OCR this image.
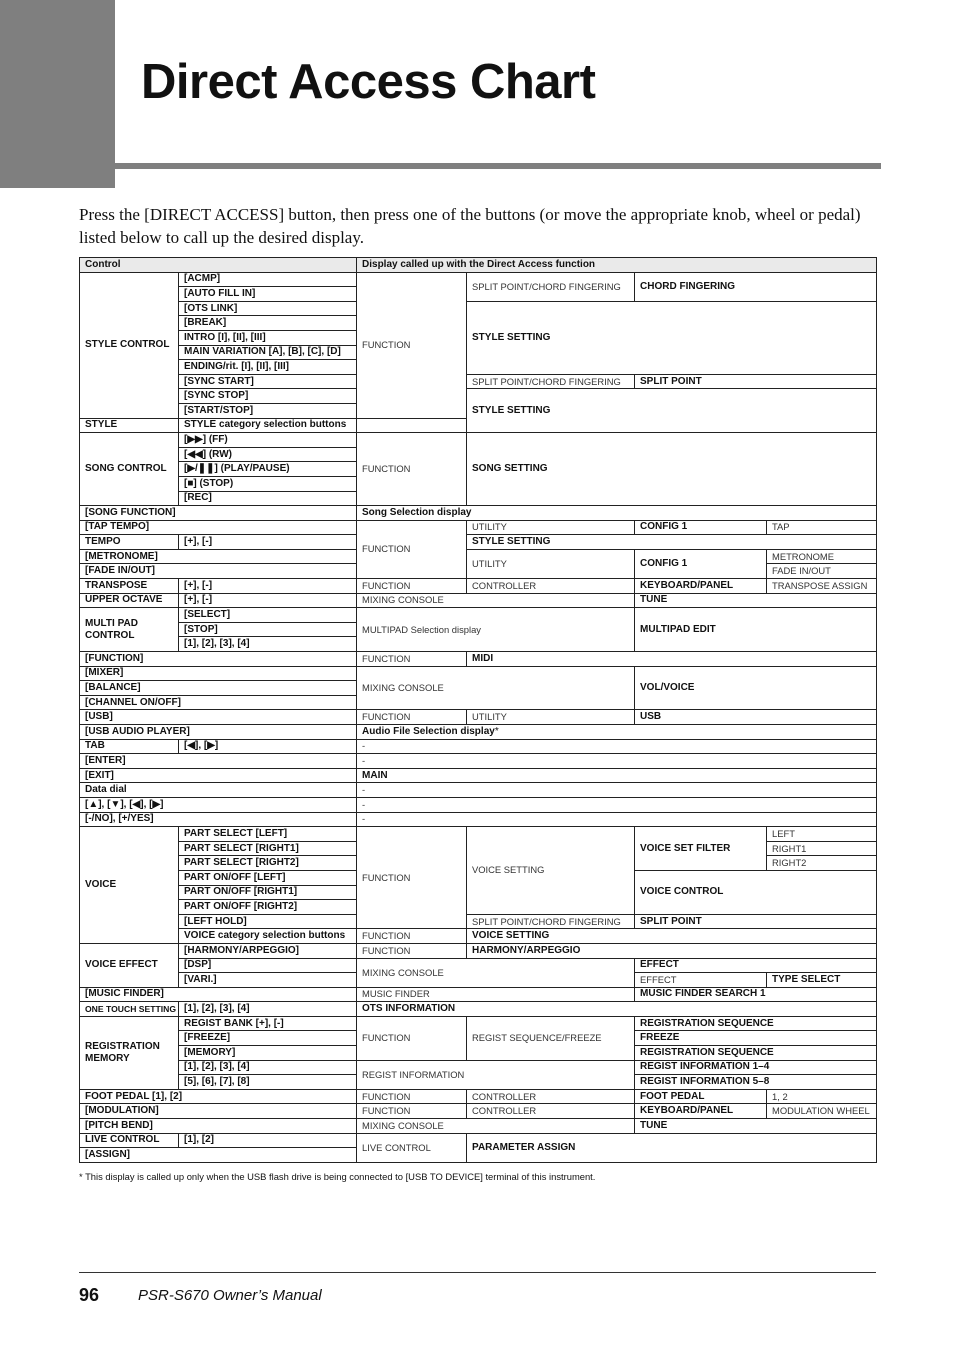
Direct Access Chart

Press the [DIRECT ACCESS] button, then press one of the buttons (or move the appropriate knob, wheel or pedal) listed below to call up the desired display.

Control		Display called up with the Direct Access function			
STYLE CONTROL	[ACMP]	FUNCTION	SPLIT POINT/CHORD FINGERING	CHORD FINGERING	
	[AUTO FILL IN]				
	[OTS LINK]		STYLE SETTING		
	[BREAK]				
	INTRO [I], [II], [III]				
	MAIN VARIATION [A], [B], [C], [D]				
	ENDING/rit. [I], [II], [III]				
	[SYNC START]		SPLIT POINT/CHORD FINGERING	SPLIT POINT	
	[SYNC STOP]		STYLE SETTING		
	[START/STOP]				
STYLE	STYLE category selection buttons				
SONG CONTROL	[▶▶] (FF)	FUNCTION	SONG SETTING		
	[◀◀] (RW)				
	[▶/❚❚] (PLAY/PAUSE)				
	[■] (STOP)				
	[REC]				
[SONG FUNCTION]		Song Selection display			
[TAP TEMPO]		FUNCTION	UTILITY	CONFIG 1	TAP
TEMPO	[+], [-]		STYLE SETTING		
[METRONOME]			UTILITY	CONFIG 1	METRONOME
[FADE IN/OUT]					FADE IN/OUT
TRANSPOSE	[+], [-]	FUNCTION	CONTROLLER	KEYBOARD/PANEL	TRANSPOSE ASSIGN
UPPER OCTAVE	[+], [-]	MIXING CONSOLE		TUNE	
MULTI PAD CONTROL	[SELECT]	MULTIPAD Selection display		MULTIPAD EDIT	
	[STOP]				
	[1], [2], [3], [4]				
[FUNCTION]		FUNCTION	MIDI		
[MIXER]		MIXING CONSOLE		VOL/VOICE	
[BALANCE]					
[CHANNEL ON/OFF]					
[USB]		FUNCTION	UTILITY	USB	
[USB AUDIO PLAYER]		Audio File Selection display*			
TAB	[◀], [▶]	-			
[ENTER]		-			
[EXIT]		MAIN			
Data dial		-			
[▲], [▼], [◀], [▶]		-			
[-/NO], [+/YES]		-			
VOICE	PART SELECT [LEFT]	FUNCTION	VOICE SETTING	VOICE SET FILTER	LEFT
	PART SELECT [RIGHT1]				RIGHT1
	PART SELECT [RIGHT2]				RIGHT2
	PART ON/OFF [LEFT]			VOICE CONTROL	
	PART ON/OFF [RIGHT1]				
	PART ON/OFF [RIGHT2]				
	[LEFT HOLD]		SPLIT POINT/CHORD FINGERING	SPLIT POINT	
	VOICE category selection buttons	FUNCTION	VOICE SETTING		
VOICE EFFECT	[HARMONY/ARPEGGIO]	FUNCTION	HARMONY/ARPEGGIO		
	[DSP]	MIXING CONSOLE		EFFECT	
	[VARI.]			EFFECT	TYPE SELECT
[MUSIC FINDER]		MUSIC FINDER		MUSIC FINDER SEARCH 1	
ONE TOUCH SETTING	[1], [2], [3], [4]	OTS INFORMATION			
REGISTRATION MEMORY	REGIST BANK [+], [-]	FUNCTION	REGIST SEQUENCE/FREEZE	REGISTRATION SEQUENCE	
	[FREEZE]			FREEZE	
	[MEMORY]			REGISTRATION SEQUENCE	
	[1], [2], [3], [4]	REGIST INFORMATION		REGIST INFORMATION 1–4	
	[5], [6], [7], [8]			REGIST INFORMATION 5–8	
FOOT PEDAL [1], [2]		FUNCTION	CONTROLLER	FOOT PEDAL	1, 2
[MODULATION]		FUNCTION	CONTROLLER	KEYBOARD/PANEL	MODULATION WHEEL
[PITCH BEND]		MIXING CONSOLE		TUNE	
LIVE CONTROL	[1], [2]	LIVE CONTROL	PARAMETER ASSIGN		
[ASSIGN]					

* This display is called up only when the USB flash drive is being connected to [USB TO DEVICE] terminal of this instrument.

96	PSR-S670 Owner’s Manual
